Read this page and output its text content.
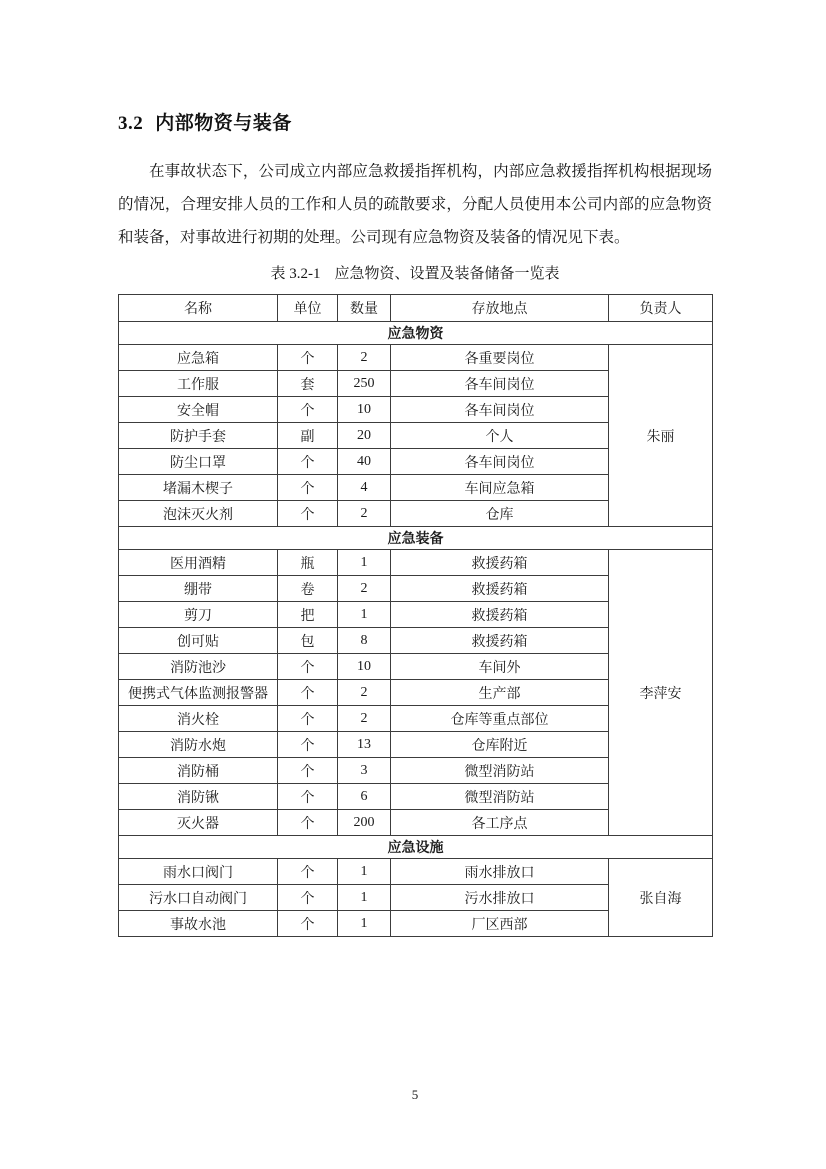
3.2 内部物资与装备

在事故状态下，公司成立内部应急救援指挥机构，内部应急救援指挥机构根据现场的情况，合理安排人员的工作和人员的疏散要求，分配人员使用本公司内部的应急物资和装备，对事故进行初期的处理。公司现有应急物资及装备的情况见下表。

表 3.2-1 应急物资、设置及装备储备一览表
名称	单位	数量	存放地点	负责人
应急物资				
应急箱	个	2	各重要岗位	朱丽
工作服	套	250	各车间岗位	
安全帽	个	10	各车间岗位	
防护手套	副	20	个人	
防尘口罩	个	40	各车间岗位	
堵漏木楔子	个	4	车间应急箱	
泡沫灭火剂	个	2	仓库	
应急装备				
医用酒精	瓶	1	救援药箱	李萍安
绷带	卷	2	救援药箱	
剪刀	把	1	救援药箱	
创可贴	包	8	救援药箱	
消防池沙	个	10	车间外	
便携式气体监测报警器	个	2	生产部	
消火栓	个	2	仓库等重点部位	
消防水炮	个	13	仓库附近	
消防桶	个	3	微型消防站	
消防锹	个	6	微型消防站	
灭火器	个	200	各工序点	
应急设施				
雨水口阀门	个	1	雨水排放口	张自海
污水口自动阀门	个	1	污水排放口	
事故水池	个	1	厂区西部	
5
